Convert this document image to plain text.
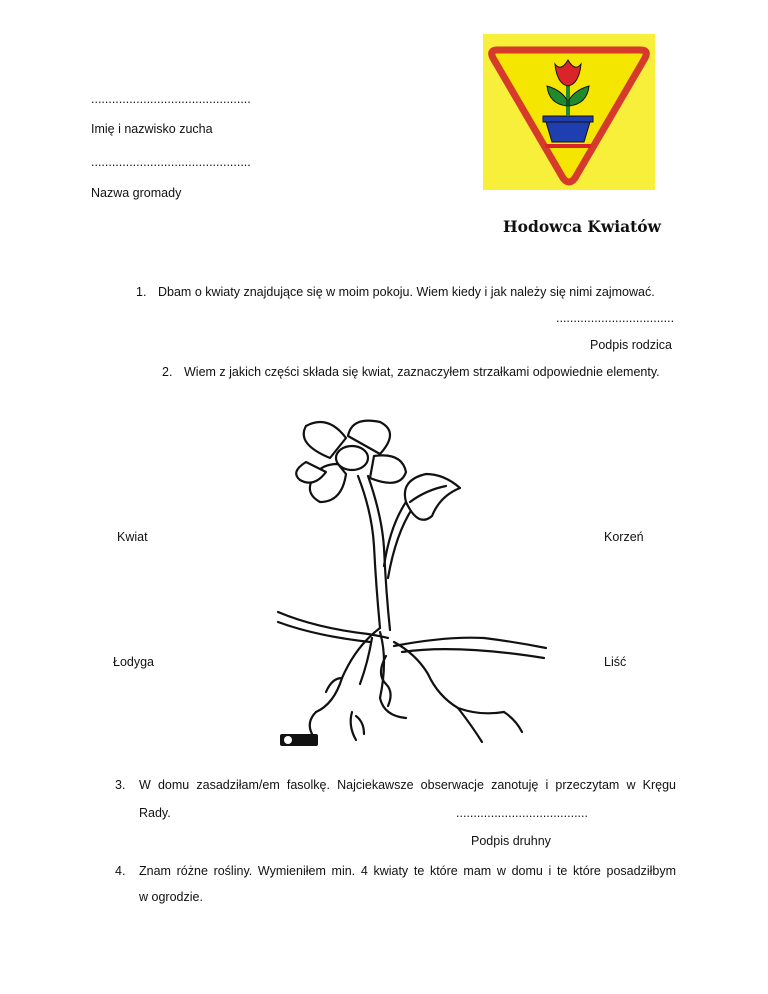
..............................................
Imię i nazwisko zucha
..............................................
Nazwa gromady
Hodowca Kwiatów
1. Dbam o kwiaty znajdujące się w moim pokoju. Wiem kiedy i jak należy się nimi zajmować.
..................................
Podpis rodzica
2. Wiem z jakich części składa się kwiat, zaznaczyłem strzałkami odpowiednie elementy.
Kwiat	Korzeń
Łodyga	Liść
3. W domu zasadziłam/em fasolkę. Najciekawsze obserwacje zanotuję i przeczytam w Kręgu
Rady.	......................................
Podpis druhny
4. Znam różne rośliny. Wymieniłem min. 4 kwiaty te które mam w domu i te które posadziłbym
w ogrodzie.
